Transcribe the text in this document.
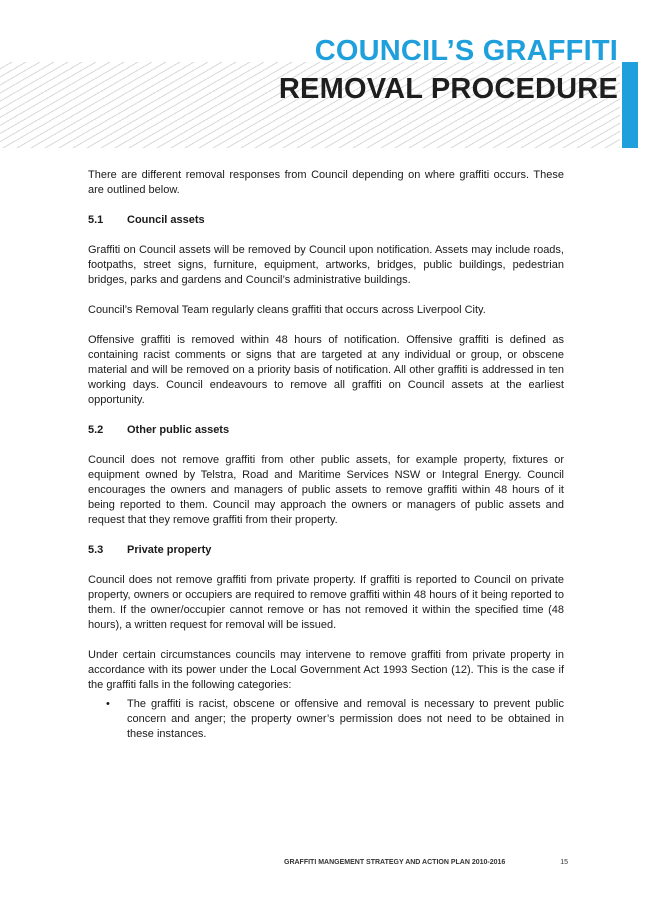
COUNCIL’S GRAFFITI
REMOVAL PROCEDURE

There are different removal responses from Council depending on where graffiti occurs. These are outlined below.

5.1 Council assets

Graffiti on Council assets will be removed by Council upon notification. Assets may include roads, footpaths, street signs, furniture, equipment, artworks, bridges, public buildings, pedestrian bridges, parks and gardens and Council’s administrative buildings.

Council’s Removal Team regularly cleans graffiti that occurs across Liverpool City.

Offensive graffiti is removed within 48 hours of notification. Offensive graffiti is defined as containing racist comments or signs that are targeted at any individual or group, or obscene material and will be removed on a priority basis of notification. All other graffiti is addressed in ten working days. Council endeavours to remove all graffiti on Council assets at the earliest opportunity.

5.2 Other public assets

Council does not remove graffiti from other public assets, for example property, fixtures or equipment owned by Telstra, Road and Maritime Services NSW or Integral Energy. Council encourages the owners and managers of public assets to remove graffiti within 48 hours of it being reported to them. Council may approach the owners or managers of public assets and request that they remove graffiti from their property.

5.3 Private property

Council does not remove graffiti from private property. If graffiti is reported to Council on private property, owners or occupiers are required to remove graffiti within 48 hours of it being reported to them. If the owner/occupier cannot remove or has not removed it within the specified time (48 hours), a written request for removal will be issued.

Under certain circumstances councils may intervene to remove graffiti from private property in accordance with its power under the Local Government Act 1993 Section (12). This is the case if the graffiti falls in the following categories:

• The graffiti is racist, obscene or offensive and removal is necessary to prevent public concern and anger; the property owner’s permission does not need to be obtained in these instances.
GRAFFITI MANGEMENT STRATEGY AND ACTION PLAN 2010-2016	15
